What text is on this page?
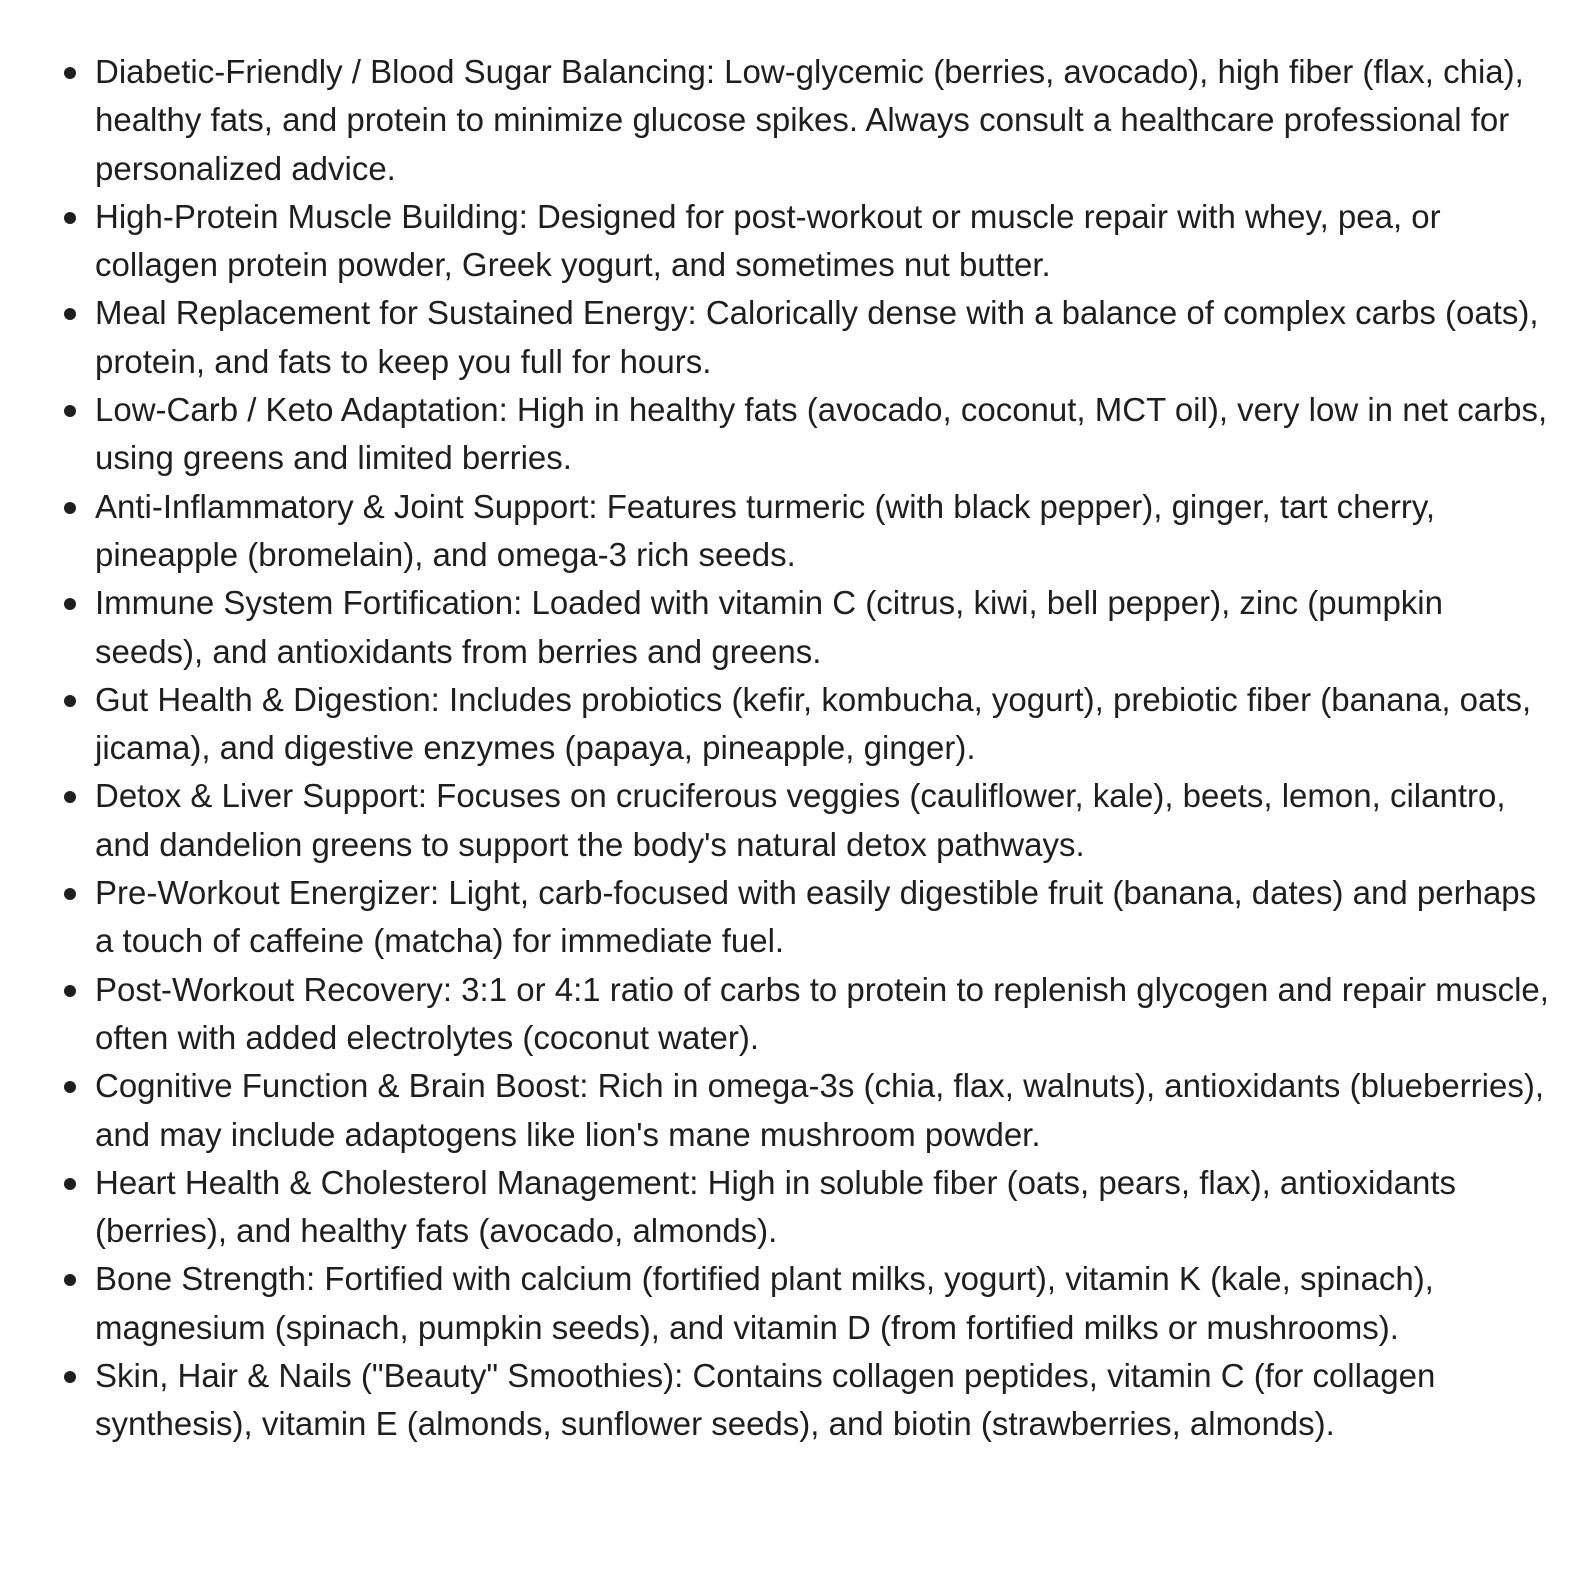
Diabetic-Friendly / Blood Sugar Balancing: Low-glycemic (berries, avocado), high fiber (flax, chia), healthy fats, and protein to minimize glucose spikes. Always consult a healthcare professional for personalized advice.
High-Protein Muscle Building: Designed for post-workout or muscle repair with whey, pea, or collagen protein powder, Greek yogurt, and sometimes nut butter.
Meal Replacement for Sustained Energy: Calorically dense with a balance of complex carbs (oats), protein, and fats to keep you full for hours.
Low-Carb / Keto Adaptation: High in healthy fats (avocado, coconut, MCT oil), very low in net carbs, using greens and limited berries.
Anti-Inflammatory & Joint Support: Features turmeric (with black pepper), ginger, tart cherry, pineapple (bromelain), and omega-3 rich seeds.
Immune System Fortification: Loaded with vitamin C (citrus, kiwi, bell pepper), zinc (pumpkin seeds), and antioxidants from berries and greens.
Gut Health & Digestion: Includes probiotics (kefir, kombucha, yogurt), prebiotic fiber (banana, oats, jicama), and digestive enzymes (papaya, pineapple, ginger).
Detox & Liver Support: Focuses on cruciferous veggies (cauliflower, kale), beets, lemon, cilantro, and dandelion greens to support the body's natural detox pathways.
Pre-Workout Energizer: Light, carb-focused with easily digestible fruit (banana, dates) and perhaps a touch of caffeine (matcha) for immediate fuel.
Post-Workout Recovery: 3:1 or 4:1 ratio of carbs to protein to replenish glycogen and repair muscle, often with added electrolytes (coconut water).
Cognitive Function & Brain Boost: Rich in omega-3s (chia, flax, walnuts), antioxidants (blueberries), and may include adaptogens like lion's mane mushroom powder.
Heart Health & Cholesterol Management: High in soluble fiber (oats, pears, flax), antioxidants (berries), and healthy fats (avocado, almonds).
Bone Strength: Fortified with calcium (fortified plant milks, yogurt), vitamin K (kale, spinach), magnesium (spinach, pumpkin seeds), and vitamin D (from fortified milks or mushrooms).
Skin, Hair & Nails ("Beauty" Smoothies): Contains collagen peptides, vitamin C (for collagen synthesis), vitamin E (almonds, sunflower seeds), and biotin (strawberries, almonds).
